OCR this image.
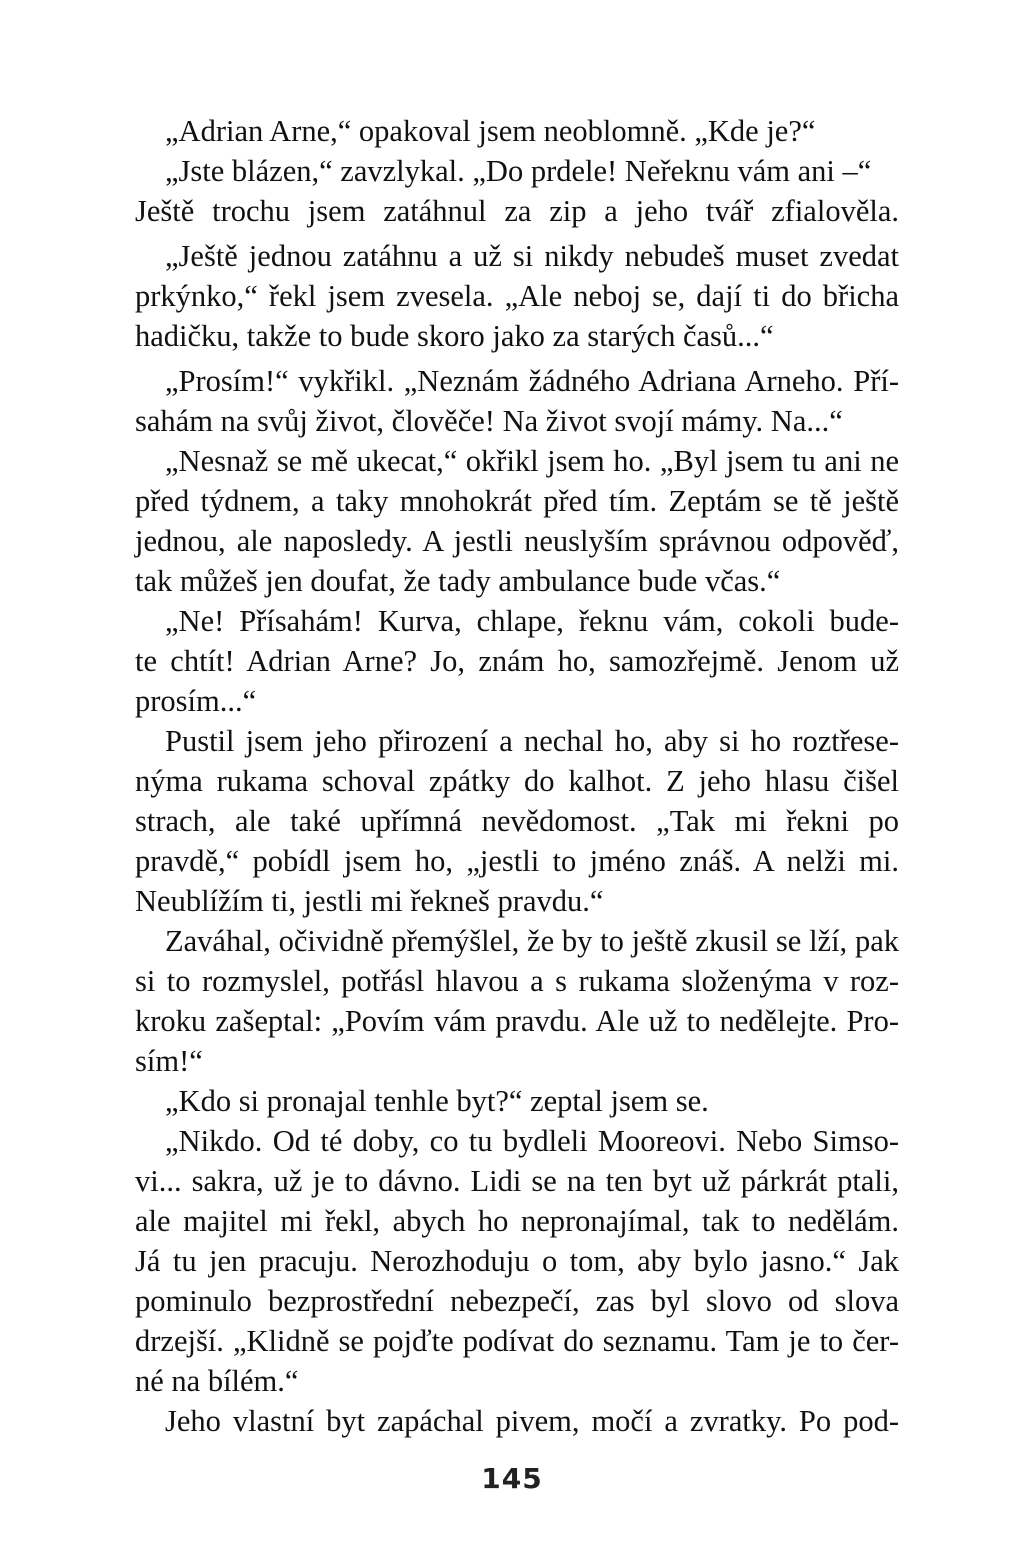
„Adrian Arne,“ opakoval jsem neoblomně. „Kde je?“
„Jste blázen,“ zavzlykal. „Do prdele! Neřeknu vám ani –“
Ještě trochu jsem zatáhnul za zip a jeho tvář zfialověla.
„Ještě jednou zatáhnu a už si nikdy nebudeš muset zvedat
prkýnko,“ řekl jsem zvesela. „Ale neboj se, dají ti do břicha
hadičku, takže to bude skoro jako za starých časů...“
„Prosím!“ vykřikl. „Neznám žádného Adriana Arneho. Pří-
sahám na svůj život, člověče! Na život svojí mámy. Na...“
„Nesnaž se mě ukecat,“ okřikl jsem ho. „Byl jsem tu ani ne
před týdnem, a taky mnohokrát před tím. Zeptám se tě ještě
jednou, ale naposledy. A jestli neuslyším správnou odpověď,
tak můžeš jen doufat, že tady ambulance bude včas.“
„Ne! Přísahám! Kurva, chlape, řeknu vám, cokoli bude-
te chtít! Adrian Arne? Jo, znám ho, samozřejmě. Jenom už
prosím...“
Pustil jsem jeho přirození a nechal ho, aby si ho roztřese-
nýma rukama schoval zpátky do kalhot. Z jeho hlasu čišel
strach, ale také upřímná nevědomost. „Tak mi řekni po
pravdě,“ pobídl jsem ho, „jestli to jméno znáš. A nelži mi.
Neublížím ti, jestli mi řekneš pravdu.“
Zaváhal, očividně přemýšlel, že by to ještě zkusil se lží, pak
si to rozmyslel, potřásl hlavou a s rukama složenýma v roz-
kroku zašeptal: „Povím vám pravdu. Ale už to nedělejte. Pro-
sím!“
„Kdo si pronajal tenhle byt?“ zeptal jsem se.
„Nikdo. Od té doby, co tu bydleli Mooreovi. Nebo Simso-
vi... sakra, už je to dávno. Lidi se na ten byt už párkrát ptali,
ale majitel mi řekl, abych ho nepronajímal, tak to nedělám.
Já tu jen pracuju. Nerozhoduju o tom, aby bylo jasno.“ Jak
pominulo bezprostřední nebezpečí, zas byl slovo od slova
drzejší. „Klidně se pojďte podívat do seznamu. Tam je to čer-
né na bílém.“
Jeho vlastní byt zapáchal pivem, močí a zvratky. Po pod-
145
